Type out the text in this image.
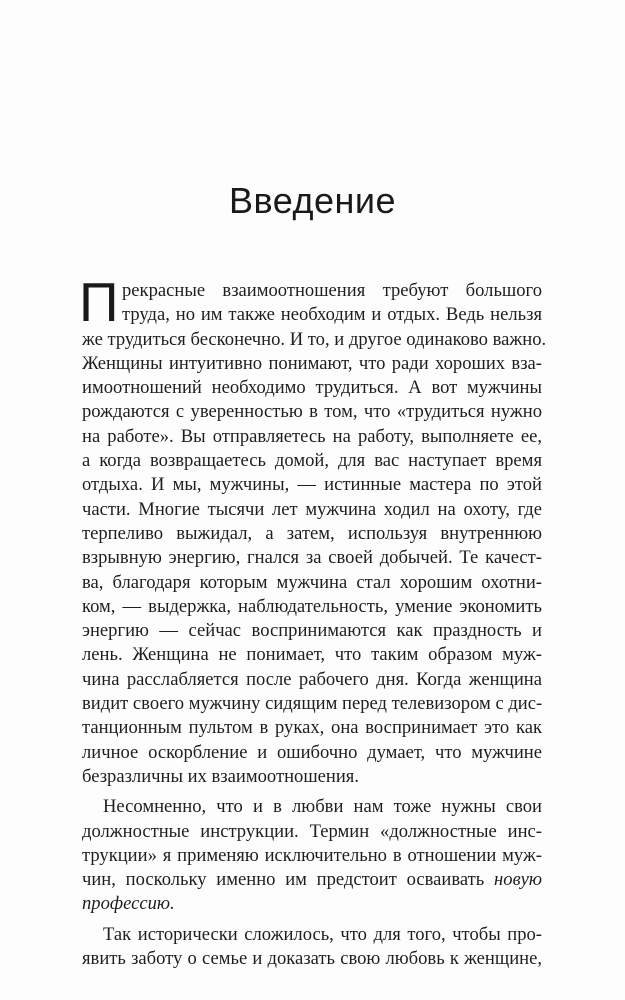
Введение
П рекрасные взаимоотношения требуют большого
труда, но им также необходим и отдых. Ведь нельзя
же трудиться бесконечно. И то, и другое одинаково важно.
Женщины интуитивно понимают, что ради хороших вза-
имоотношений необходимо трудиться. А вот мужчины
рождаются с уверенностью в том, что «трудиться нужно
на работе». Вы отправляетесь на работу, выполняете ее,
а когда возвращаетесь домой, для вас наступает время
отдыха. И мы, мужчины, — истинные мастера по этой
части. Многие тысячи лет мужчина ходил на охоту, где
терпеливо выжидал, а затем, используя внутреннюю
взрывную энергию, гнался за своей добычей. Те качест-
ва, благодаря которым мужчина стал хорошим охотни-
ком, — выдержка, наблюдательность, умение экономить
энергию — сейчас воспринимаются как праздность и
лень. Женщина не понимает, что таким образом муж-
чина расслабляется после рабочего дня. Когда женщина
видит своего мужчину сидящим перед телевизором с дис-
танционным пультом в руках, она воспринимает это как
личное оскорбление и ошибочно думает, что мужчине
безразличны их взаимоотношения.
Несомненно, что и в любви нам тоже нужны свои
должностные инструкции. Термин «должностные инс-
трукции» я применяю исключительно в отношении муж-
чин, поскольку именно им предстоит осваивать новую
профессию.
Так исторически сложилось, что для того, чтобы про-
явить заботу о семье и доказать свою любовь к женщине,
